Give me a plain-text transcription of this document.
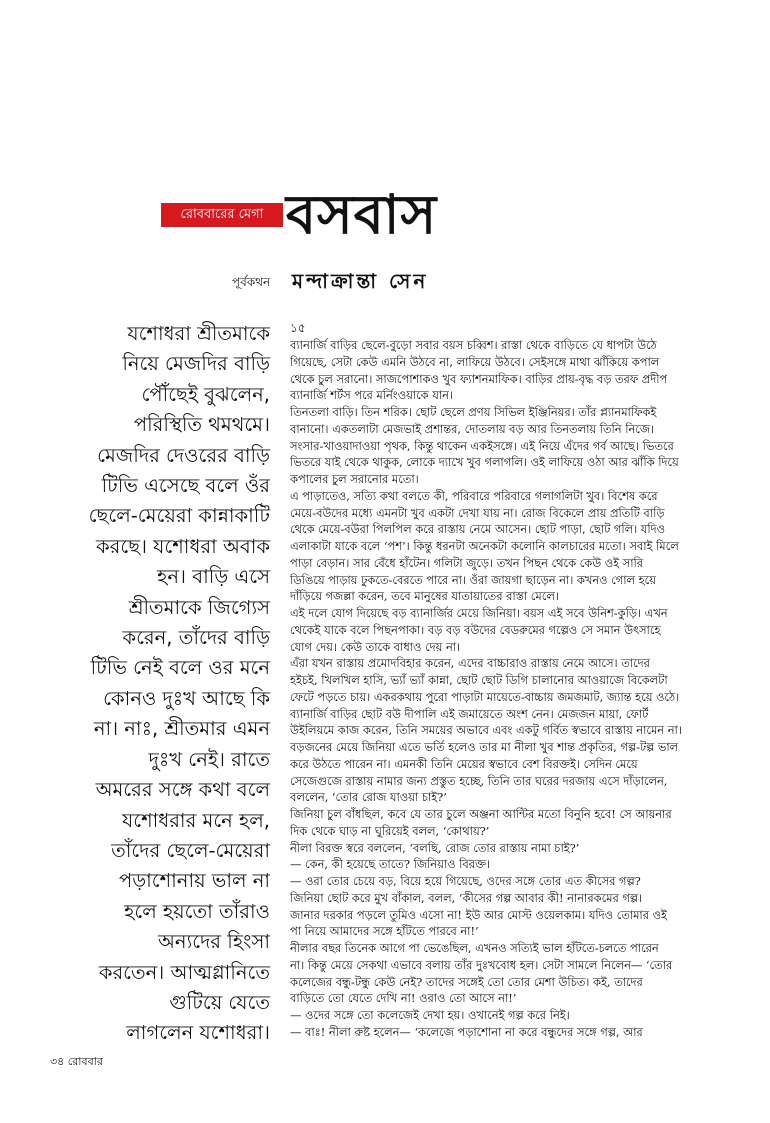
রোববারের মেগা বসবাস
পূর্বকথন মন্দাক্রান্তা সেন
যশোধরা শ্রীতমাকে
নিয়ে মেজদির বাড়ি
পৌঁছেই বুঝলেন,
পরিস্থিতি থমথমে।
মেজদির দেওরের বাড়ি
টিভি এসেছে বলে ওঁর
ছেলে-মেয়েরা কান্নাকাটি
করছে। যশোধরা অবাক
হন। বাড়ি এসে
শ্রীতমাকে জিগ্যেস
করেন, তাঁদের বাড়ি
টিভি নেই বলে ওর মনে
কোনও দুঃখ আছে কি
না। নাঃ, শ্রীতমার এমন
দুঃখ নেই। রাতে
অমরের সঙ্গে কথা বলে
যশোধরার মনে হল,
তাঁদের ছেলে-মেয়েরা
পড়াশোনায় ভাল না
হলে হয়তো তাঁরাও
অন্যদের হিংসা
করতেন। আত্মগ্লানিতে
গুটিয়ে যেতে
লাগলেন যশোধরা।
১৫
ব্যানার্জি বাড়ির ছেলে-বুড়ো সবার বয়স চব্বিশ। রাস্তা থেকে বাড়িতে যে ধাপটা উঠে
গিয়েছে, সেটা কেউ এমনি উঠবে না, লাফিয়ে উঠবে। সেইসঙ্গে মাথা ঝাঁকিয়ে কপাল
থেকে চুল সরানো। সাজপোশাকও খুব ফ্যাশনমাফিক। বাড়ির প্রায়-বৃদ্ধ বড় তরফ প্রদীপ
ব্যানার্জি শর্টস পরে মর্নিংওয়াকে যান।
তিনতলা বাড়ি। তিন শরিক। ছোট ছেলে প্রণয় সিভিল ইঞ্জিনিয়র। তাঁর প্ল্যানমাফিকই
বানানো। একতলাটা মেজভাই প্রশান্তর, দোতলায় বড় আর তিনতলায় তিনি নিজে।
সংসার-খাওয়াদাওয়া পৃথক, কিন্তু থাকেন একইসঙ্গে। এই নিয়ে এঁদের গর্ব আছে। ভিতরে
ভিতরে যাই থেকে থাকুক, লোকে দ্যাখে খুব গলাগলি। ওই লাফিয়ে ওঠা আর ঝাঁকি দিয়ে
কপালের চুল সরানোর মতো।
এ পাড়াতেও, সত্যি কথা বলতে কী, পরিবারে পরিবারে গলাগলিটা খুব। বিশেষ করে
মেয়ে-বউদের মধ্যে এমনটা খুব একটা দেখা যায় না। রোজ বিকেলে প্রায় প্রতিটি বাড়ি
থেকে মেয়ে-বউরা পিলপিল করে রাস্তায় নেমে আসেন। ছোট পাড়া, ছোট গলি। যদিও
এলাকাটা যাকে বলে ‘পশ’। কিন্তু ধরনটা অনেকটা কলোনি কালচারের মতো। সবাই মিলে
পাড়া বেড়ান। সার বেঁধে হাঁটেন। গলিটা জুড়ে। তখন পিছন থেকে কেউ ওই সারি
ডিঙিয়ে পাড়ায় ঢুকতে-বেরতে পারে না। ওঁরা জায়গা ছাড়েন না। কখনও গোল হয়ে
দাঁড়িয়ে গজল্লা করেন, তবে মানুষের যাতায়াতের রাস্তা মেলে।
এই দলে যোগ দিয়েছে বড় ব্যানার্জির মেয়ে জিনিয়া। বয়স এই সবে উনিশ-কুড়ি। এখন
থেকেই যাকে বলে পিছনপাকা। বড় বড় বউদের বেডরুমের গল্পেও সে সমান উৎসাহে
যোগ দেয়। কেউ তাকে বাধাও দেয় না।
এঁরা যখন রাস্তায় প্রমোদবিহার করেন, এদের বাচ্চারাও রাস্তায় নেমে আসে। তাদের
হইচই, খিলখিল হাসি, ভ্যাঁ ভ্যাঁ কান্না, ছোট ছোট ডিগি চালানোর আওয়াজে বিকেলটা
ফেটে পড়তে চায়। একরকথায় পুরো পাড়াটা মায়েতে-বাচ্চায় জমজমাট, জ্যান্ত হয়ে ওঠে।
ব্যানার্জি বাড়ির ছোট বউ দীপালি এই জমায়েতে অংশ নেন। মেজজন মায়া, ফোর্ট
উইলিয়মে কাজ করেন, তিনি সময়ের অভাবে এবং একটু গর্বিত স্বভাবে রাস্তায় নামেন না।
বড়জনের মেয়ে জিনিয়া এতে ভর্তি হলেও তার মা নীলা খুব শান্ত প্রকৃতির, গল্প-টল্প ভাল
করে উঠতে পারেন না। এমনকী তিনি মেয়ের স্বভাবে বেশ বিরক্তই। সেদিন মেয়ে
সেজেগুজে রাস্তায় নামার জন্য প্রস্তুত হচ্ছে, তিনি তার ঘরের দরজায় এসে দাঁড়ালেন,
বললেন, ‘তোর রোজ যাওয়া চাই?’
জিনিয়া চুল বাঁধছিল, কবে যে তার চুলে অঞ্জনা আন্টির মতো বিনুনি হবে! সে আয়নার
দিক থেকে ঘাড় না ঘুরিয়েই বলল, ‘কোথায়?’
নীলা বিরক্ত স্বরে বললেন, ‘বলছি, রোজ তোর রাস্তায় নামা চাই?’
— কেন, কী হয়েছে তাতে? জিনিয়াও বিরক্ত।
— ওরা তোর চেয়ে বড়, বিয়ে হয়ে গিয়েছে, ওদের সঙ্গে তোর এত কীসের গল্প?
জিনিয়া ছোট করে মুখ বাঁকাল, বলল, ‘কীসের গল্প আবার কী! নানারকমের গল্প।
জানার দরকার পড়লে তুমিও এসো না! ইউ আর মোস্ট ওয়েলকাম। যদিও তোমার ওই
পা নিয়ে আমাদের সঙ্গে হাঁটতে পারবে না!’
নীলার বছর তিনেক আগে পা ভেঙেছিল, এখনও সত্যিই ভাল হাঁটতে-চলতে পারেন
না। কিন্তু মেয়ে সেকথা এভাবে বলায় তাঁর দুঃখবোধ হল। সেটা সামলে নিলেন— ‘তোর
কলেজের বন্ধু-টন্ধু কেউ নেই? তাদের সঙ্গেই তো তোর মেশা উচিত। কই, তাদের
বাড়িতে তো যেতে দেখি না! ওরাও তো আসে না!’
— ওদের সঙ্গে তো কলেজেই দেখা হয়। ওখানেই গল্প করে নিই।
— বাঃ! নীলা রুষ্ট হলেন— ‘কলেজে পড়াশোনা না করে বন্ধুদের সঙ্গে গল্প, আর
৩৪ রোববার
